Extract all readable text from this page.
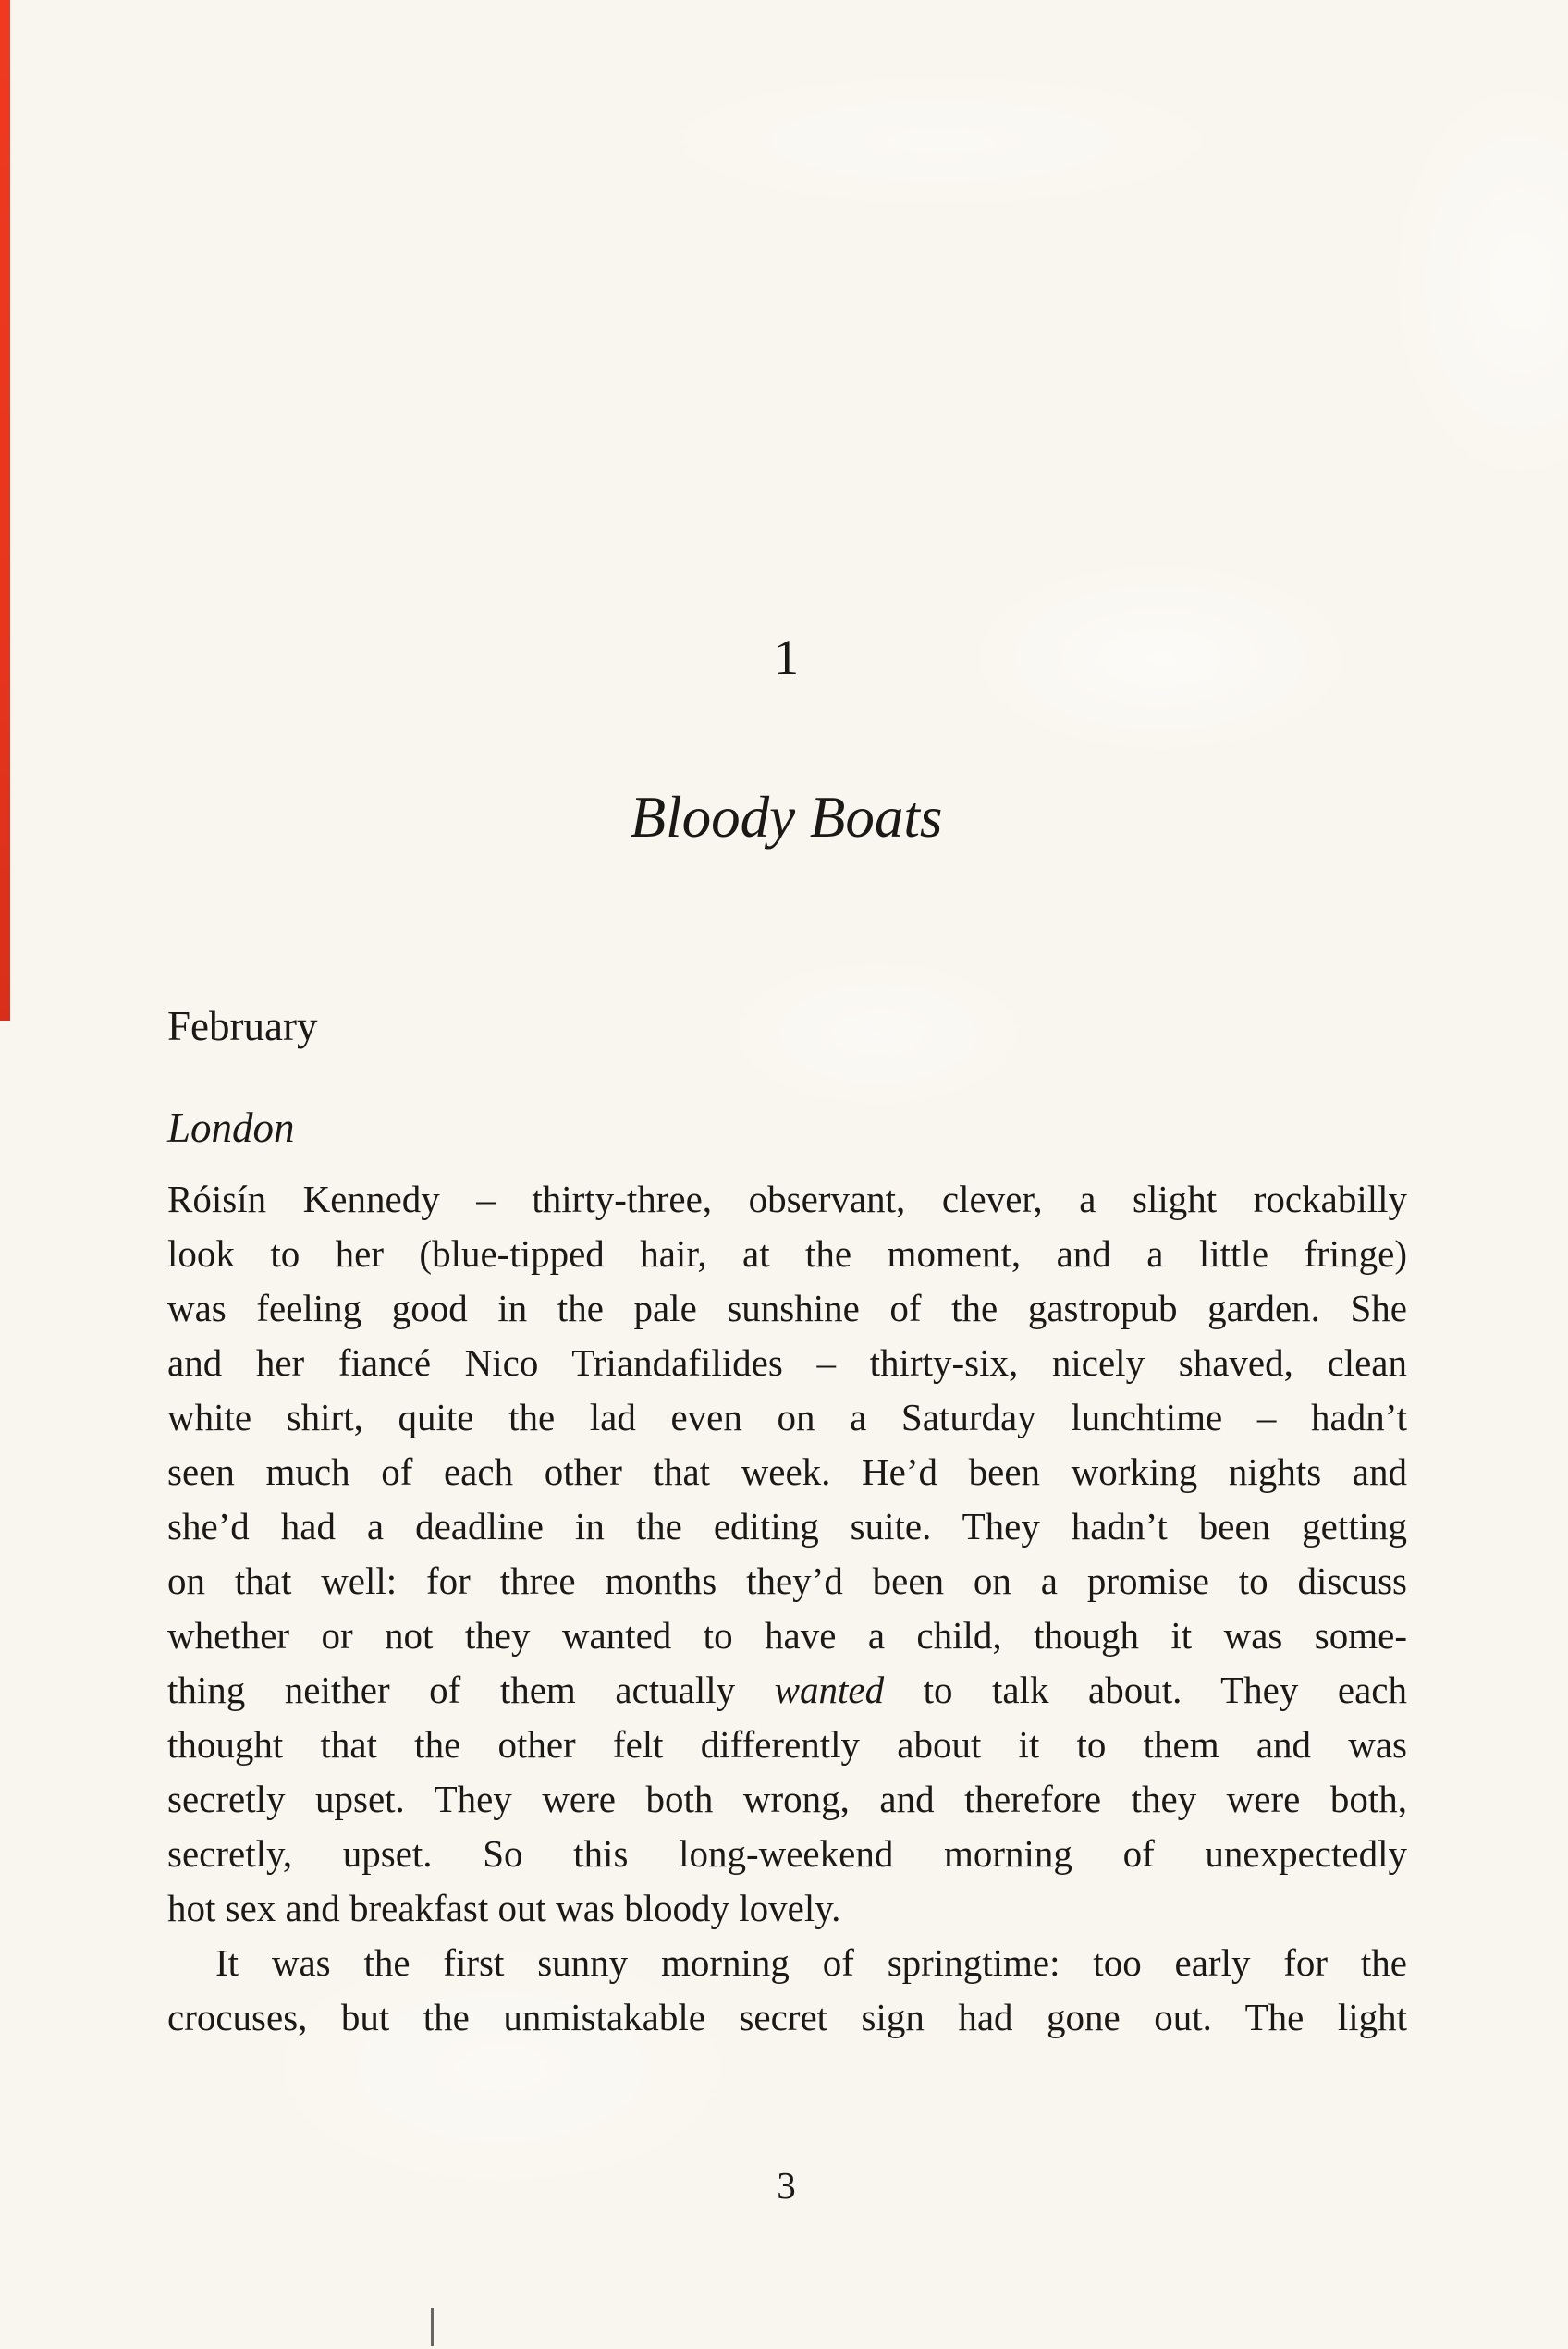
1
Bloody Boats
February
London
Róisín Kennedy – thirty-three, observant, clever, a slight rockabilly
look to her (blue-tipped hair, at the moment, and a little fringe)
was feeling good in the pale sunshine of the gastropub garden. She
and her fiancé Nico Triandafilides – thirty-six, nicely shaved, clean
white shirt, quite the lad even on a Saturday lunchtime – hadn’t
seen much of each other that week. He’d been working nights and
she’d had a deadline in the editing suite. They hadn’t been getting
on that well: for three months they’d been on a promise to discuss
whether or not they wanted to have a child, though it was some-
thing neither of them actually wanted to talk about. They each
thought that the other felt differently about it to them and was
secretly upset. They were both wrong, and therefore they were both,
secretly, upset. So this long-weekend morning of unexpectedly
hot sex and breakfast out was bloody lovely.
It was the first sunny morning of springtime: too early for the
crocuses, but the unmistakable secret sign had gone out. The light
3
